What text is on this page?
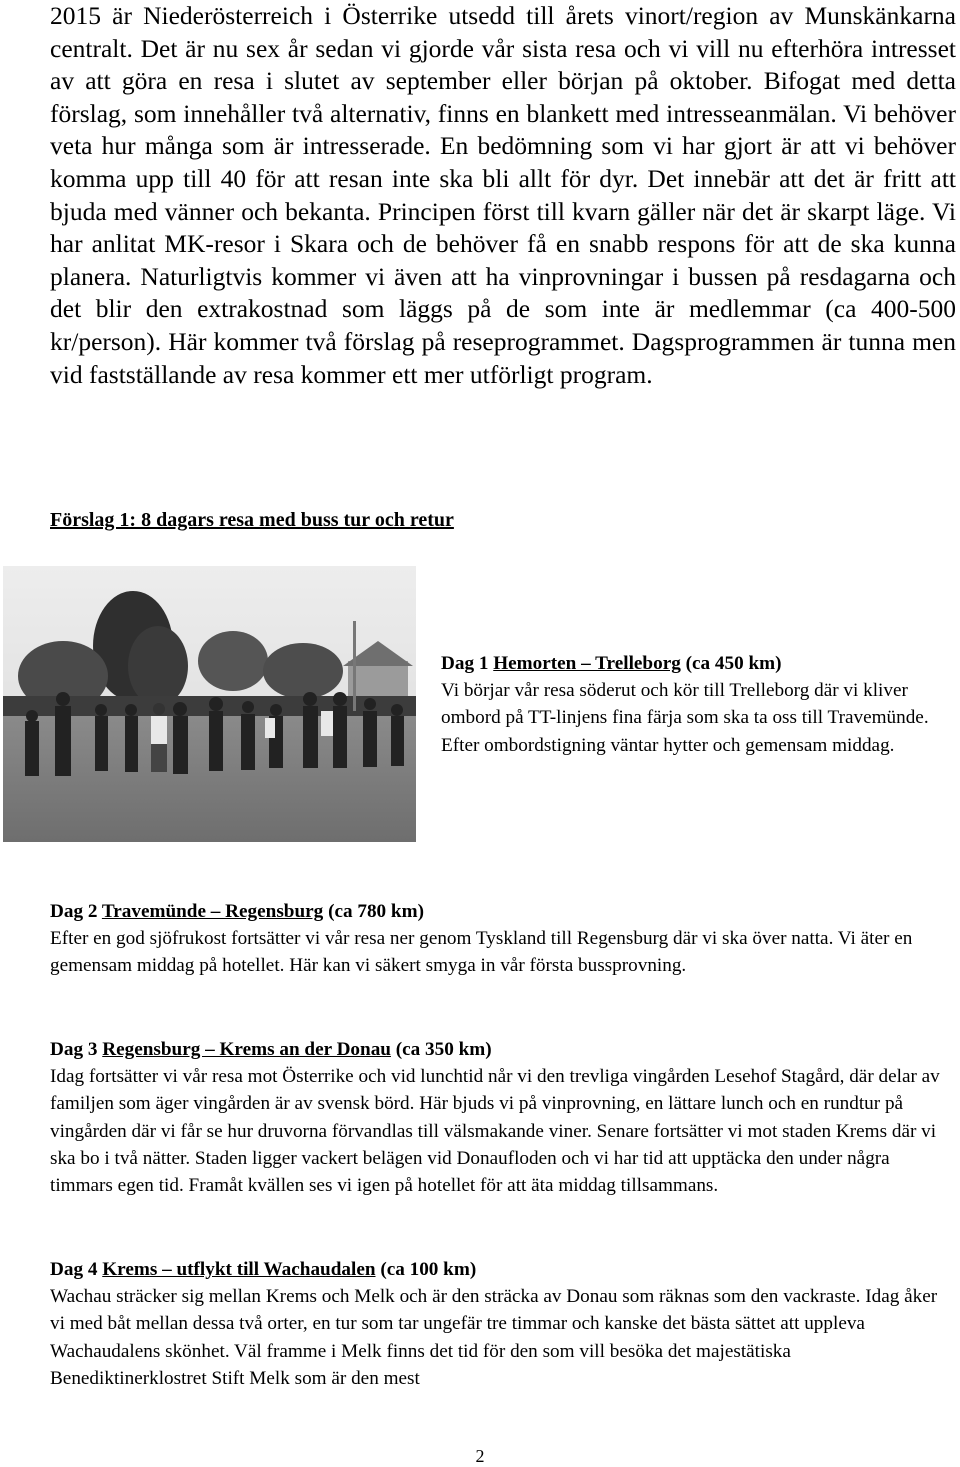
2015 är Niederösterreich i Österrike utsedd till årets vinort/region av Munskänkarna centralt. Det är nu sex år sedan vi gjorde vår sista resa och vi vill nu efterhöra intresset av att göra en resa i slutet av september eller början på oktober. Bifogat med detta förslag, som innehåller två alternativ, finns en blankett med intresseanmälan. Vi behöver veta hur många som är intresserade. En bedömning som vi har gjort är att vi behöver komma upp till 40 för att resan inte ska bli allt för dyr. Det innebär att det är fritt att bjuda med vänner och bekanta. Principen först till kvarn gäller när det är skarpt läge. Vi har anlitat MK-resor i Skara och de behöver få en snabb respons för att de ska kunna planera. Naturligtvis kommer vi även att ha vinprovningar i bussen på resdagarna och det blir den extrakostnad som läggs på de som inte är medlemmar (ca 400-500 kr/person). Här kommer två förslag på reseprogrammet. Dagsprogrammen är tunna men vid fastställande av resa kommer ett mer utförligt program.

Förslag 1: 8 dagars resa med buss tur och retur
Dag 1 Hemorten – Trelleborg (ca 450 km)

Vi börjar vår resa söderut och kör till Trelleborg där vi kliver ombord på TT-linjens fina färja som ska ta oss till Travemünde. Efter ombordstigning väntar hytter och gemensam middag.

Dag 2 Travemünde – Regensburg (ca 780 km)

Efter en god sjöfrukost fortsätter vi vår resa ner genom Tyskland till Regensburg där vi ska över natta. Vi äter en gemensam middag på hotellet. Här kan vi säkert smyga in vår första bussprovning.

Dag 3 Regensburg – Krems an der Donau (ca 350 km)

Idag fortsätter vi vår resa mot Österrike och vid lunchtid når vi den trevliga vingården Lesehof Stagård, där delar av familjen som äger vingården är av svensk börd. Här bjuds vi på vinprovning, en lättare lunch och en rundtur på vingården där vi får se hur druvorna förvandlas till välsmakande viner. Senare fortsätter vi mot staden Krems där vi ska bo i två nätter. Staden ligger vackert belägen vid Donaufloden och vi har tid att upptäcka den under några timmars egen tid. Framåt kvällen ses vi igen på hotellet för att äta middag tillsammans.

Dag 4 Krems – utflykt till Wachaudalen (ca 100 km)

Wachau sträcker sig mellan Krems och Melk och är den sträcka av Donau som räknas som den vackraste. Idag åker vi med båt mellan dessa två orter, en tur som tar ungefär tre timmar och kanske det bästa sättet att uppleva Wachaudalens skönhet. Väl framme i Melk finns det tid för den som vill besöka det majestätiska Benediktinerklostret Stift Melk som är den mest

2
